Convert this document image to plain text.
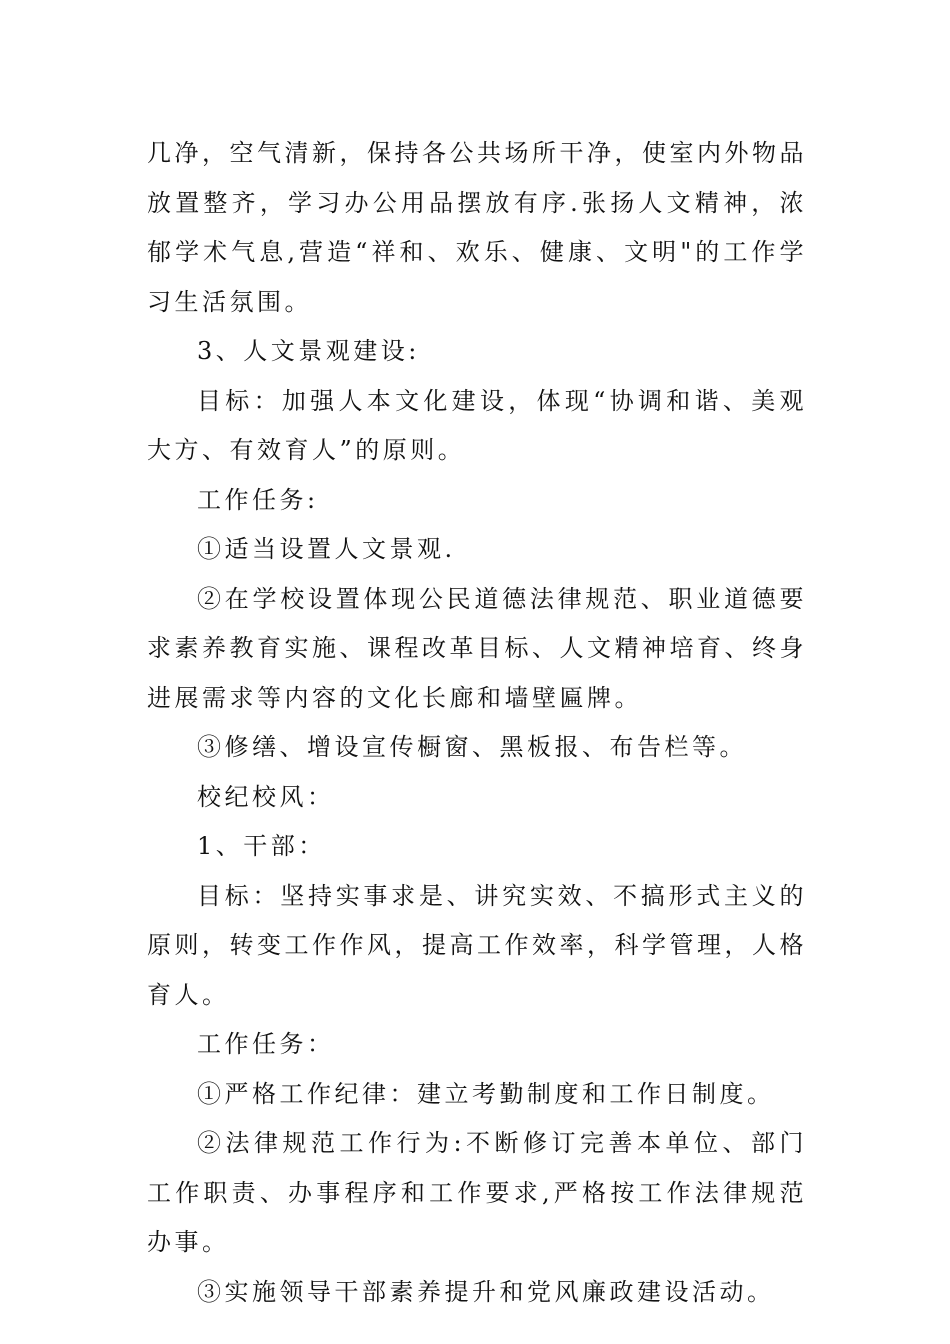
几净，空气清新，保持各公共场所干净，使室内外物品放置整齐，学习办公用品摆放有序.张扬人文精神，浓郁学术气息,营造“祥和、欢乐、健康、文明"的工作学习生活氛围。

3、人文景观建设:

目标：加强人本文化建设，体现“协调和谐、美观大方、有效育人”的原则。

工作任务:

①适当设置人文景观.

②在学校设置体现公民道德法律规范、职业道德要求素养教育实施、课程改革目标、人文精神培育、终身进展需求等内容的文化长廊和墙壁匾牌。

③修缮、增设宣传橱窗、黑板报、布告栏等。

校纪校风：

1、干部：

目标：坚持实事求是、讲究实效、不搞形式主义的原则，转变工作作风，提高工作效率，科学管理，人格育人。

工作任务：

①严格工作纪律：建立考勤制度和工作日制度。

②法律规范工作行为:不断修订完善本单位、部门工作职责、办事程序和工作要求,严格按工作法律规范办事。

③实施领导干部素养提升和党风廉政建设活动。
